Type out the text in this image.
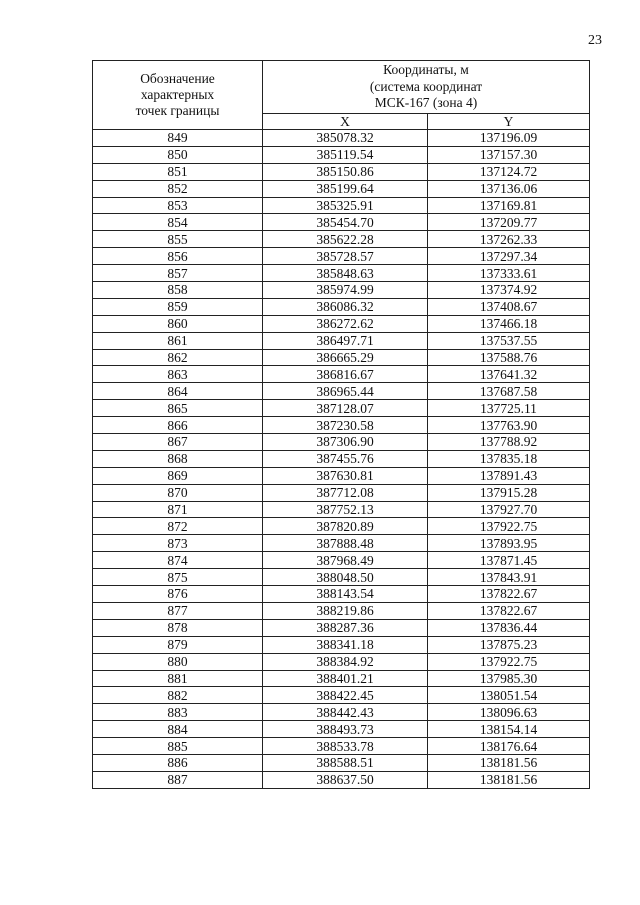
23
Обозначение
характерных
точек границы	Координаты, м
(система координат
МСК-167 (зона 4)	

	X	Y
849	385078.32	137196.09
850	385119.54	137157.30
851	385150.86	137124.72
852	385199.64	137136.06
853	385325.91	137169.81
854	385454.70	137209.77
855	385622.28	137262.33
856	385728.57	137297.34
857	385848.63	137333.61
858	385974.99	137374.92
859	386086.32	137408.67
860	386272.62	137466.18
861	386497.71	137537.55
862	386665.29	137588.76
863	386816.67	137641.32
864	386965.44	137687.58
865	387128.07	137725.11
866	387230.58	137763.90
867	387306.90	137788.92
868	387455.76	137835.18
869	387630.81	137891.43
870	387712.08	137915.28
871	387752.13	137927.70
872	387820.89	137922.75
873	387888.48	137893.95
874	387968.49	137871.45
875	388048.50	137843.91
876	388143.54	137822.67
877	388219.86	137822.67
878	388287.36	137836.44
879	388341.18	137875.23
880	388384.92	137922.75
881	388401.21	137985.30
882	388422.45	138051.54
883	388442.43	138096.63
884	388493.73	138154.14
885	388533.78	138176.64
886	388588.51	138181.56
887	388637.50	138181.56
